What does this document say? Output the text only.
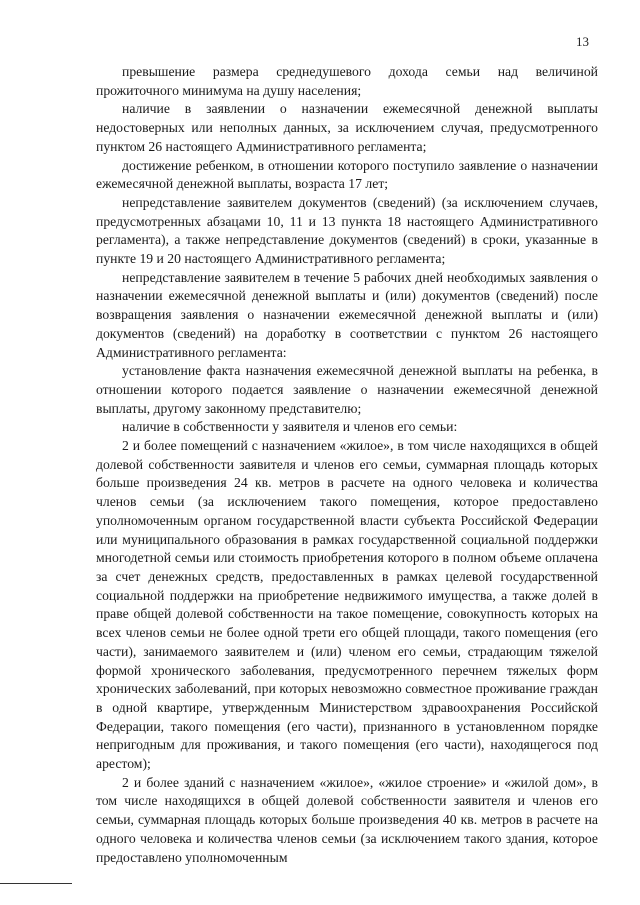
13

превышение размера среднедушевого дохода семьи над величиной прожиточного минимума на душу населения;

наличие в заявлении о назначении ежемесячной денежной выплаты недостоверных или неполных данных, за исключением случая, предусмотренного пунктом 26 настоящего Административного регламента;

достижение ребенком, в отношении которого поступило заявление о назначении ежемесячной денежной выплаты, возраста 17 лет;

непредставление заявителем документов (сведений) (за исключением случаев, предусмотренных абзацами 10, 11 и 13 пункта 18 настоящего Административного регламента), а также непредставление документов (сведений) в сроки, указанные в пункте 19 и 20 настоящего Административного регламента;

непредставление заявителем в течение 5 рабочих дней необходимых заявления о назначении ежемесячной денежной выплаты и (или) документов (сведений) после возвращения заявления о назначении ежемесячной денежной выплаты и (или) документов (сведений) на доработку в соответствии с пунктом 26 настоящего Административного регламента:

установление факта назначения ежемесячной денежной выплаты на ребенка, в отношении которого подается заявление о назначении ежемесячной денежной выплаты, другому законному представителю;

наличие в собственности у заявителя и членов его семьи:

2 и более помещений с назначением «жилое», в том числе находящихся в общей долевой собственности заявителя и членов его семьи, суммарная площадь которых больше произведения 24 кв. метров в расчете на одного человека и количества членов семьи (за исключением такого помещения, которое предоставлено уполномоченным органом государственной власти субъекта Российской Федерации или муниципального образования в рамках государственной социальной поддержки многодетной семьи или стоимость приобретения которого в полном объеме оплачена за счет денежных средств, предоставленных в рамках целевой государственной социальной поддержки на приобретение недвижимого имущества, а также долей в праве общей долевой собственности на такое помещение, совокупность которых на всех членов семьи не более одной трети его общей площади, такого помещения (его части), занимаемого заявителем и (или) членом его семьи, страдающим тяжелой формой хронического заболевания, предусмотренного перечнем тяжелых форм хронических заболеваний, при которых невозможно совместное проживание граждан в одной квартире, утвержденным Министерством здравоохранения Российской Федерации, такого помещения (его части), признанного в установленном порядке непригодным для проживания, и такого помещения (его части), находящегося под арестом);

2 и более зданий с назначением «жилое», «жилое строение» и «жилой дом», в том числе находящихся в общей долевой собственности заявителя и членов его семьи, суммарная площадь которых больше произведения 40 кв. метров в расчете на одного человека и количества членов семьи (за исключением такого здания, которое предоставлено уполномоченным
